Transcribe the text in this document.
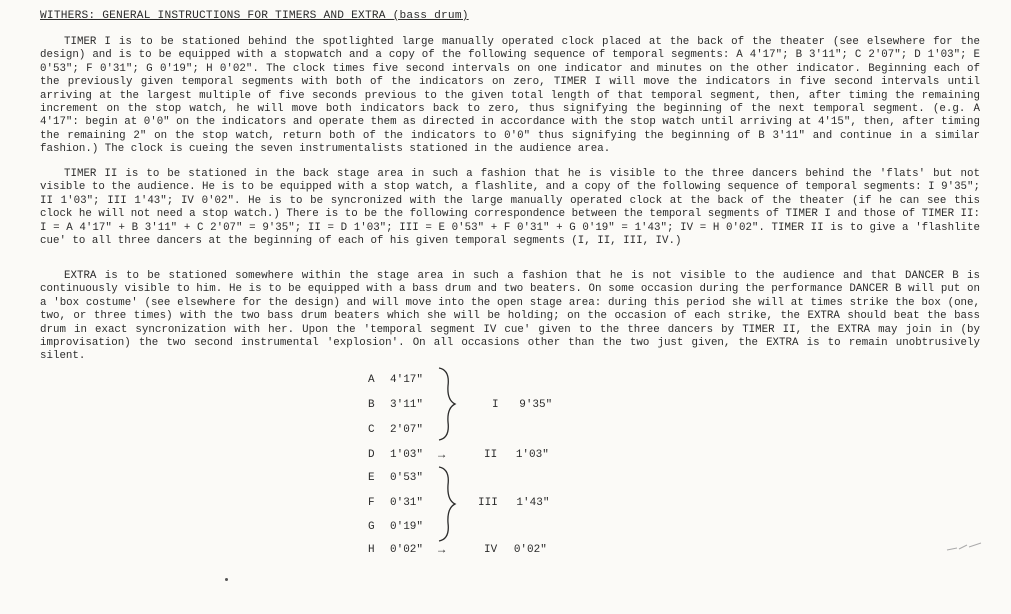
WITHERS: GENERAL INSTRUCTIONS FOR TIMERS AND EXTRA (bass drum)

TIMER I is to be stationed behind the spotlighted large manually operated clock placed at the back of the theater (see elsewhere for the design) and is to be equipped with a stopwatch and a copy of the following sequence of temporal segments: A 4'17"; B 3'11"; C 2'07"; D 1'03"; E 0'53"; F 0'31"; G 0'19"; H 0'02". The clock times five second intervals on one indicator and minutes on the other indicator. Beginning each of the previously given temporal segments with both of the indicators on zero, TIMER I will move the indicators in five second intervals until arriving at the largest multiple of five seconds previous to the given total length of that temporal segment, then, after timing the remaining increment on the stop watch, he will move both indicators back to zero, thus signifying the beginning of the next temporal segment. (e.g. A 4'17": begin at 0'0" on the indicators and operate them as directed in accordance with the stop watch until arriving at 4'15", then, after timing the remaining 2" on the stop watch, return both of the indicators to 0'0" thus signifying the beginning of B 3'11" and continue in a similar fashion.) The clock is cueing the seven instrumentalists stationed in the audience area.

TIMER II is to be stationed in the back stage area in such a fashion that he is visible to the three dancers behind the 'flats' but not visible to the audience. He is to be equipped with a stop watch, a flashlite, and a copy of the following sequence of temporal segments: I 9'35"; II 1'03"; III 1'43"; IV 0'02". He is to be syncronized with the large manually operated clock at the back of the theater (if he can see this clock he will not need a stop watch.) There is to be the following correspondence between the temporal segments of TIMER I and those of TIMER II: I = A 4'17" + B 3'11" + C 2'07" = 9'35"; II = D 1'03"; III = E 0'53" + F 0'31" + G 0'19" = 1'43"; IV = H 0'02". TIMER II is to give a 'flashlite cue' to all three dancers at the beginning of each of his given temporal segments (I, II, III, IV.)

EXTRA is to be stationed somewhere within the stage area in such a fashion that he is not visible to the audience and that DANCER B is continuously visible to him. He is to be equipped with a bass drum and two beaters. On some occasion during the performance DANCER B will put on a 'box costume' (see elsewhere for the design) and will move into the open stage area: during this period she will at times strike the box (one, two, or three times) with the two bass drum beaters which she will be holding; on the occasion of each strike, the EXTRA should beat the bass drum in exact syncronization with her. Upon the 'temporal segment IV cue' given to the three dancers by TIMER II, the EXTRA may join in (by improvisation) the two second instrumental 'explosion'. On all occasions other than the two just given, the EXTRA is to remain unobtrusively silent.

A 4'17"
B 3'11"
C 2'07"
D 1'03"
E 0'53"
F 0'31"
G 0'19"
H 0'02"
→
→
I 9'35"
II 1'03"
III 1'43"
IV 0'02"
